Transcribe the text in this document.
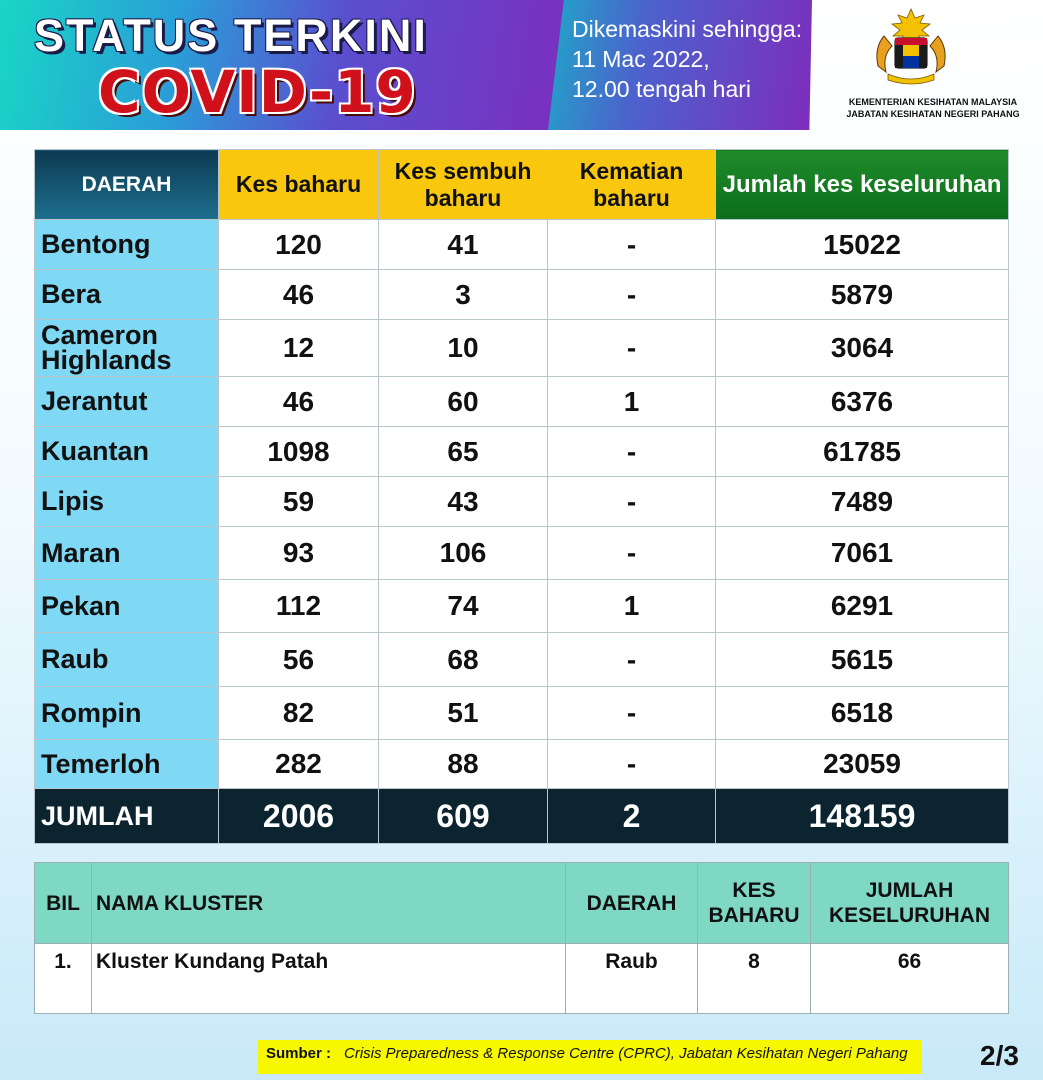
STATUS TERKINI
COVID-19
Dikemaskini sehingga:
11 Mac 2022,
12.00 tengah hari	KEMENTERIAN KESIHATAN MALAYSIA
JABATAN KESIHATAN NEGERI PAHANG
DAERAH	Kes baharu	Kes sembuh baharu	Kematian baharu	Jumlah kes keseluruhan
Bentong	120	41	-	15022
Bera	46	3	-	5879
Cameron Highlands	12	10	-	3064
Jerantut	46	60	1	6376
Kuantan	1098	65	-	61785
Lipis	59	43	-	7489
Maran	93	106	-	7061
Pekan	112	74	1	6291
Raub	56	68	-	5615
Rompin	82	51	-	6518
Temerloh	282	88	-	23059
JUMLAH	2006	609	2	148159
BIL	NAMA KLUSTER	DAERAH	KES BAHARU	JUMLAH KESELURUHAN
1.	Kluster Kundang Patah	Raub	8	66
Sumber : Crisis Preparedness & Response Centre (CPRC), Jabatan Kesihatan Negeri Pahang	2/3
